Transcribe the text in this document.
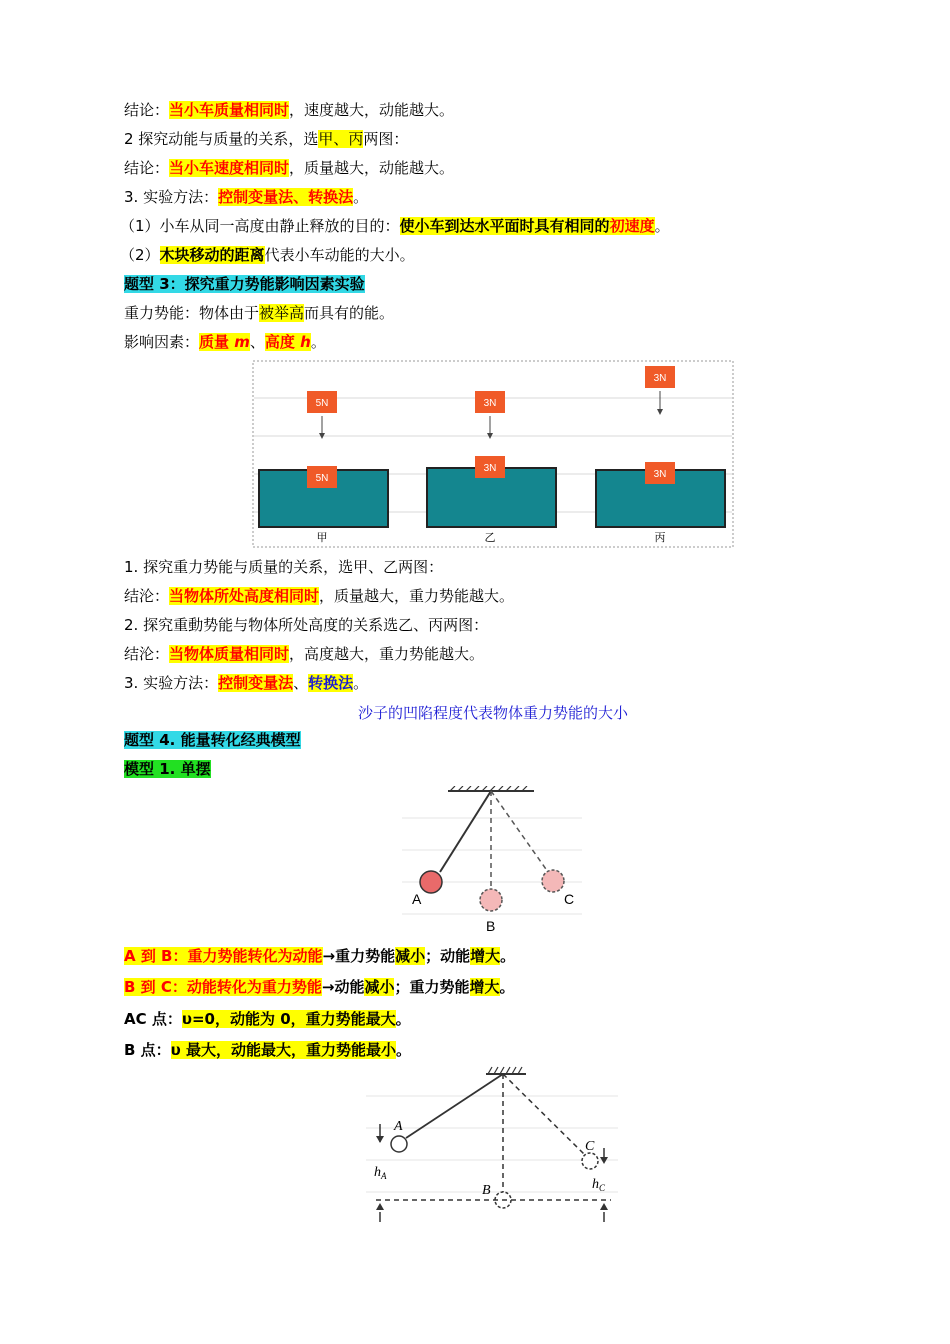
结论：当小车质量相同时，速度越大，动能越大。
2 探究动能与质量的关系，选甲、丙两图：
结论：当小车速度相同时，质量越大，动能越大。
3. 实验方法：控制变量法、转换法。
（1）小车从同一高度由静止释放的目的：使小车到达水平面时具有相同的初速度。
（2）木块移动的距离代表小车动能的大小。
题型 3：探究重力势能影响因素实验
重力势能：物体由于被举高而具有的能。
影响因素：质量 m、高度 h。
5N	3N
3N
5N
3N
3N
甲	乙	丙
1. 探究重力势能与质量的关系，选甲、乙两图：
结沦：当物体所处高度相同时，质量越大，重力势能越大。
2. 探究重動势能与物体所处高度的关系选乙、丙两图：
结沦：当物体质量相同时，高度越大，重力势能越大。
3. 实验方法：控制变量法、转换法。
沙子的凹陷程度代表物体重力势能的大小
题型 4. 能量转化经典模型
模型 1. 单摆
A
B
C
A 到 B：重力势能转化为动能→重力势能减小；动能增大。
B 到 C：动能转化为重力势能→动能减小；重力势能增大。
AC 点：υ=0，动能为 0，重力势能最大。
B 点：υ 最大，动能最大，重力势能最小。
A
B
C
$h_A$
$h_C$
